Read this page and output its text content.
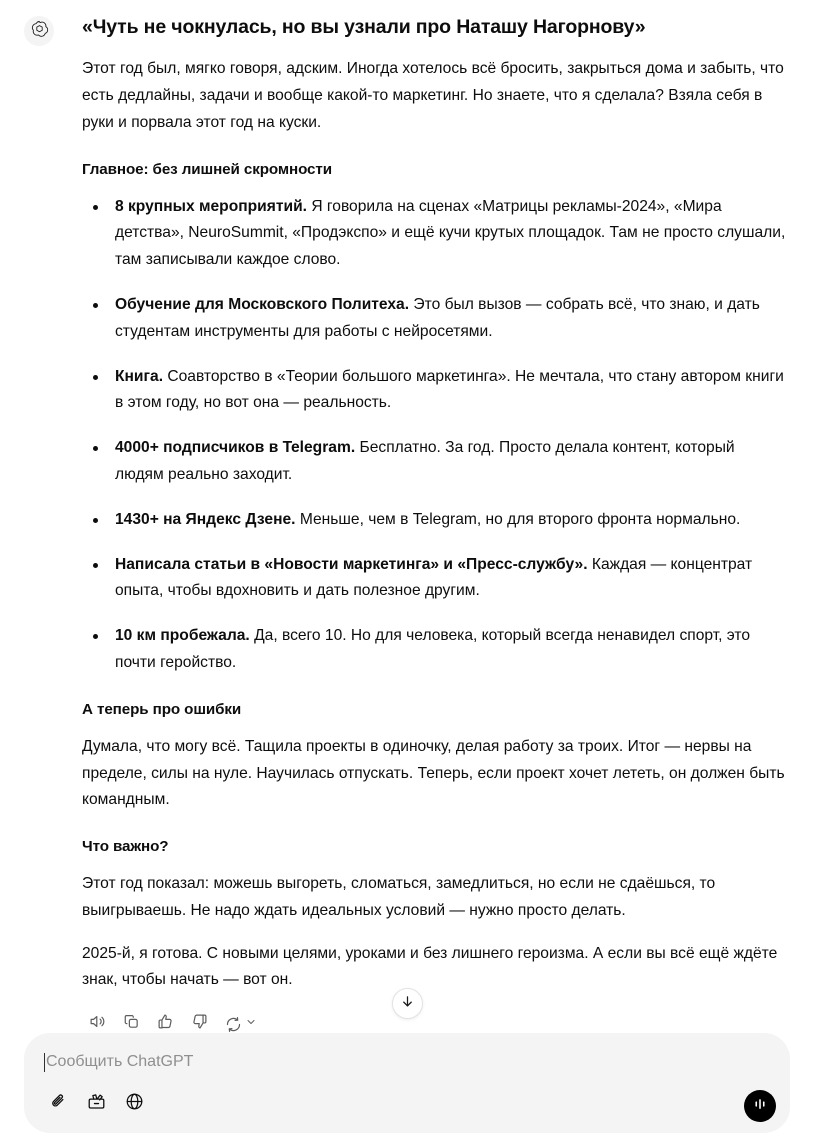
«Чуть не чокнулась, но вы узнали про Наташу Нагорнову»

Этот год был, мягко говоря, адским. Иногда хотелось всё бросить, закрыться дома и забыть, что есть дедлайны, задачи и вообще какой-то маркетинг. Но знаете, что я сделала? Взяла себя в руки и порвала этот год на куски.

Главное: без лишней скромности
8 крупных мероприятий. Я говорила на сценах «Матрицы рекламы-2024», «Мира детства», NeuroSummit, «Продэкспо» и ещё кучи крутых площадок. Там не просто слушали, там записывали каждое слово.
Обучение для Московского Политеха. Это был вызов — собрать всё, что знаю, и дать студентам инструменты для работы с нейросетями.
Книга. Соавторство в «Теории большого маркетинга». Не мечтала, что стану автором книги в этом году, но вот она — реальность.
4000+ подписчиков в Telegram. Бесплатно. За год. Просто делала контент, который людям реально заходит.
1430+ на Яндекс Дзене. Меньше, чем в Telegram, но для второго фронта нормально.
Написала статьи в «Новости маркетинга» и «Пресс-службу». Каждая — концентрат опыта, чтобы вдохновить и дать полезное другим.
10 км пробежала. Да, всего 10. Но для человека, который всегда ненавидел спорт, это почти геройство.
А теперь про ошибки

Думала, что могу всё. Тащила проекты в одиночку, делая работу за троих. Итог — нервы на пределе, силы на нуле. Научилась отпускать. Теперь, если проект хочет лететь, он должен быть командным.

Что важно?

Этот год показал: можешь выгореть, сломаться, замедлиться, но если не сдаёшься, то выигрываешь. Не надо ждать идеальных условий — нужно просто делать.

2025-й, я готова. С новыми целями, уроками и без лишнего героизма. А если вы всё ещё ждёте знак, чтобы начать — вот он.

Сообщить ChatGPT
